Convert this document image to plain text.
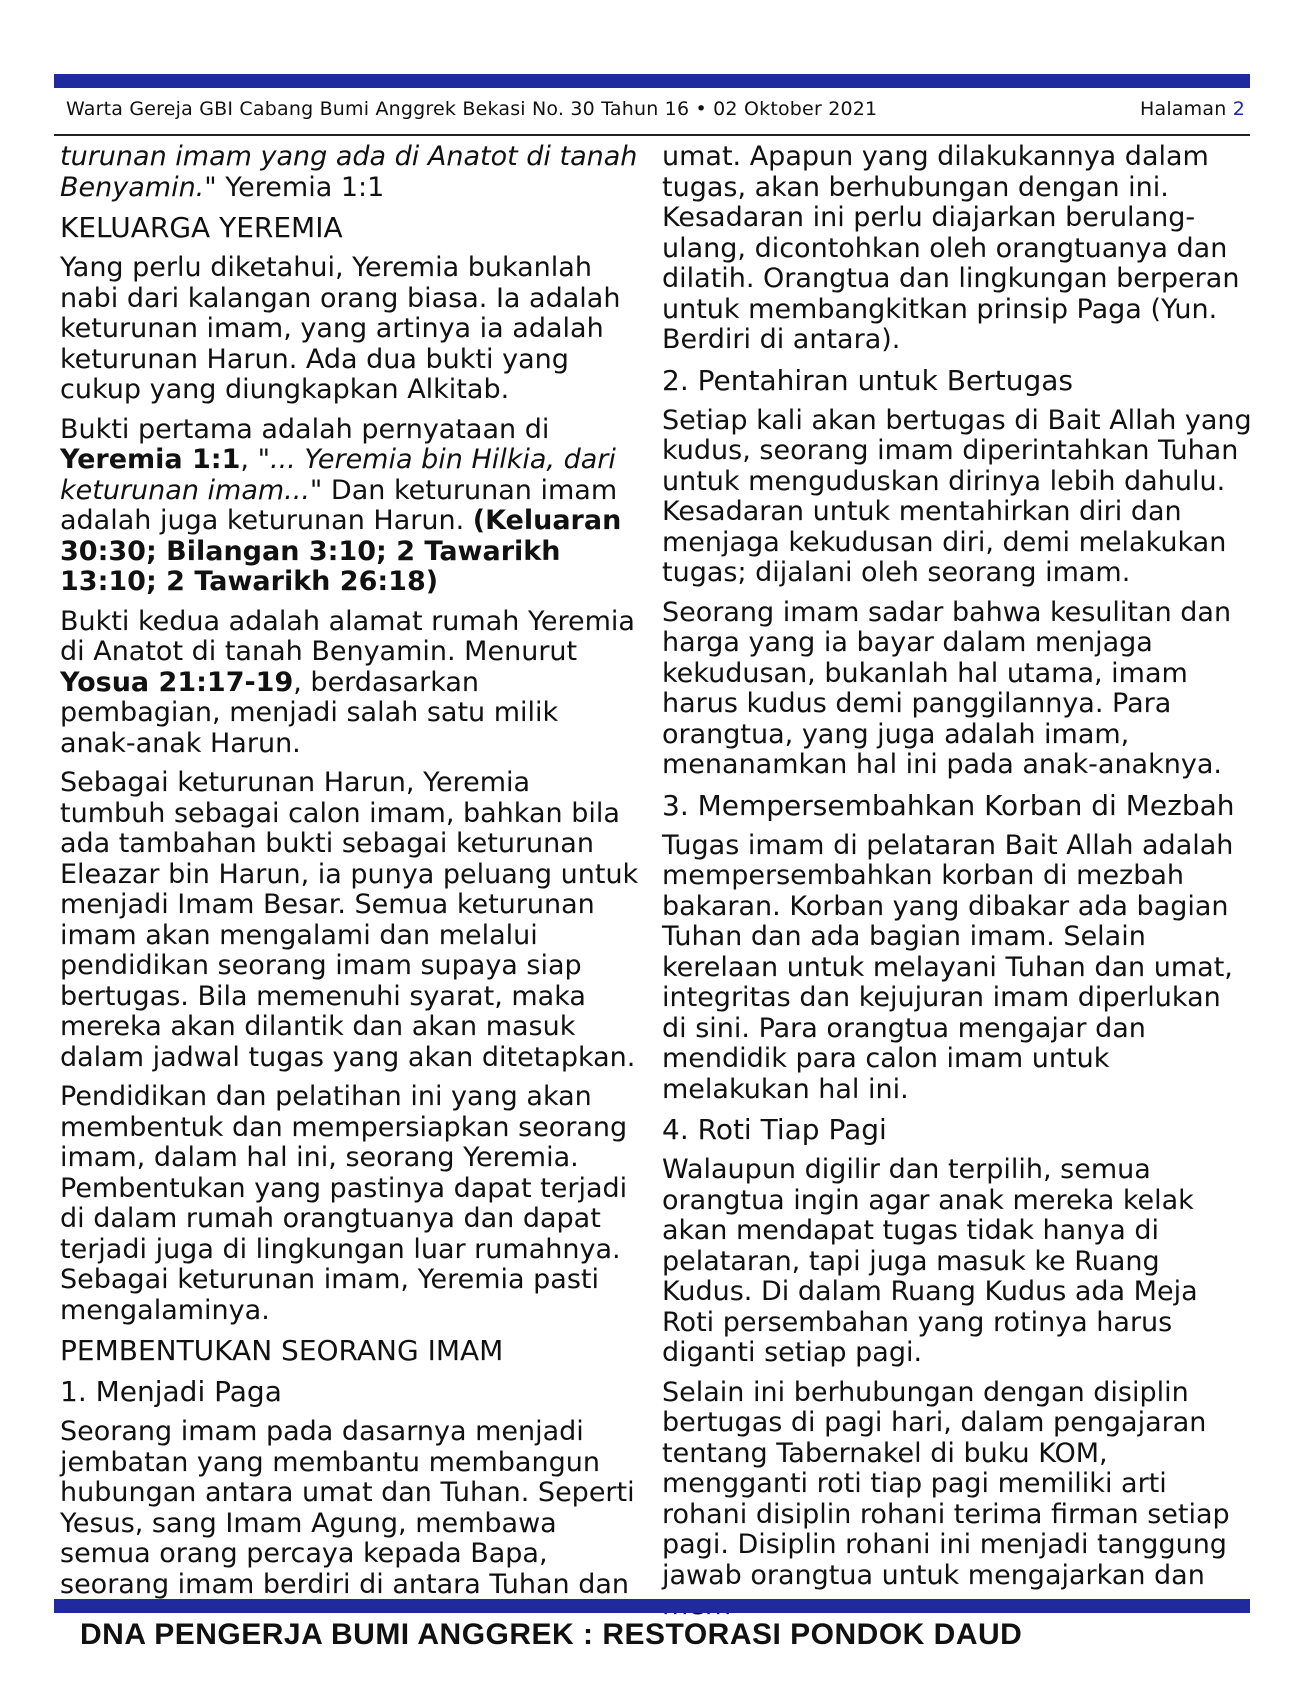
Warta Gereja GBI Cabang Bumi Anggrek Bekasi No. 30 Tahun 16 • 02 Oktober 2021	Halaman 2

turunan imam yang ada di Anatot di tanah Benyamin." Yeremia 1:1

KELUARGA YEREMIA

Yang perlu diketahui, Yeremia bukanlah nabi dari kalangan orang biasa. Ia adalah keturunan imam, yang artinya ia adalah keturunan Harun. Ada dua bukti yang cukup yang diungkapkan Alkitab.

Bukti pertama adalah pernyataan di Yeremia 1:1, "... Yeremia bin Hilkia, dari keturunan imam..." Dan keturunan imam adalah juga keturunan Harun. (Keluaran 30:30; Bilangan 3:10; 2 Tawarikh 13:10; 2 Tawarikh 26:18)

Bukti kedua adalah alamat rumah Yeremia di Anatot di tanah Benyamin. Menurut Yosua 21:17-19, berdasarkan pembagian, menjadi salah satu milik anak-anak Harun.

Sebagai keturunan Harun, Yeremia tumbuh sebagai calon imam, bahkan bila ada tambahan bukti sebagai keturunan Eleazar bin Harun, ia punya peluang untuk menjadi Imam Besar. Semua keturunan imam akan mengalami dan melalui pendidikan seorang imam supaya siap bertugas. Bila memenuhi syarat, maka mereka akan dilantik dan akan masuk dalam jadwal tugas yang akan ditetapkan.

Pendidikan dan pelatihan ini yang akan membentuk dan mempersiapkan seorang imam, dalam hal ini, seorang Yeremia. Pembentukan yang pastinya dapat terjadi di dalam rumah orangtuanya dan dapat terjadi juga di lingkungan luar rumahnya. Sebagai keturunan imam, Yeremia pasti mengalaminya.

PEMBENTUKAN SEORANG IMAM
1. Menjadi Paga

Seorang imam pada dasarnya menjadi jembatan yang membantu membangun hubungan antara umat dan Tuhan. Seperti Yesus, sang Imam Agung, membawa semua orang percaya kepada Bapa, seorang imam berdiri di antara Tuhan dan

umat. Apapun yang dilakukannya dalam tugas, akan berhubungan dengan ini. Kesadaran ini perlu diajarkan berulang-ulang, dicontohkan oleh orangtuanya dan dilatih. Orangtua dan lingkungan berperan untuk membangkitkan prinsip Paga (Yun. Berdiri di antara).

2. Pentahiran untuk Bertugas

Setiap kali akan bertugas di Bait Allah yang kudus, seorang imam diperintahkan Tuhan untuk menguduskan dirinya lebih dahulu. Kesadaran untuk mentahirkan diri dan menjaga kekudusan diri, demi melakukan tugas; dijalani oleh seorang imam.

Seorang imam sadar bahwa kesulitan dan harga yang ia bayar dalam menjaga kekudusan, bukanlah hal utama, imam harus kudus demi panggilannya. Para orangtua, yang juga adalah imam, menanamkan hal ini pada anak-anaknya.

3. Mempersembahkan Korban di Mezbah

Tugas imam di pelataran Bait Allah adalah mempersembahkan korban di mezbah bakaran. Korban yang dibakar ada bagian Tuhan dan ada bagian imam. Selain kerelaan untuk melayani Tuhan dan umat, integritas dan kejujuran imam diperlukan di sini. Para orangtua mengajar dan mendidik para calon imam untuk melakukan hal ini.

4. Roti Tiap Pagi

Walaupun digilir dan terpilih, semua orangtua ingin agar anak mereka kelak akan mendapat tugas tidak hanya di pelataran, tapi juga masuk ke Ruang Kudus. Di dalam Ruang Kudus ada Meja Roti persembahan yang rotinya harus diganti setiap pagi.

Selain ini berhubungan dengan disiplin bertugas di pagi hari, dalam pengajaran tentang Tabernakel di buku KOM, mengganti roti tiap pagi memiliki arti rohani disiplin rohani terima firman setiap pagi. Disiplin rohani ini menjadi tanggung jawab orangtua untuk mengajarkan dan

DNA PENGERJA BUMI ANGGREK : RESTORASI PONDOK DAUD
